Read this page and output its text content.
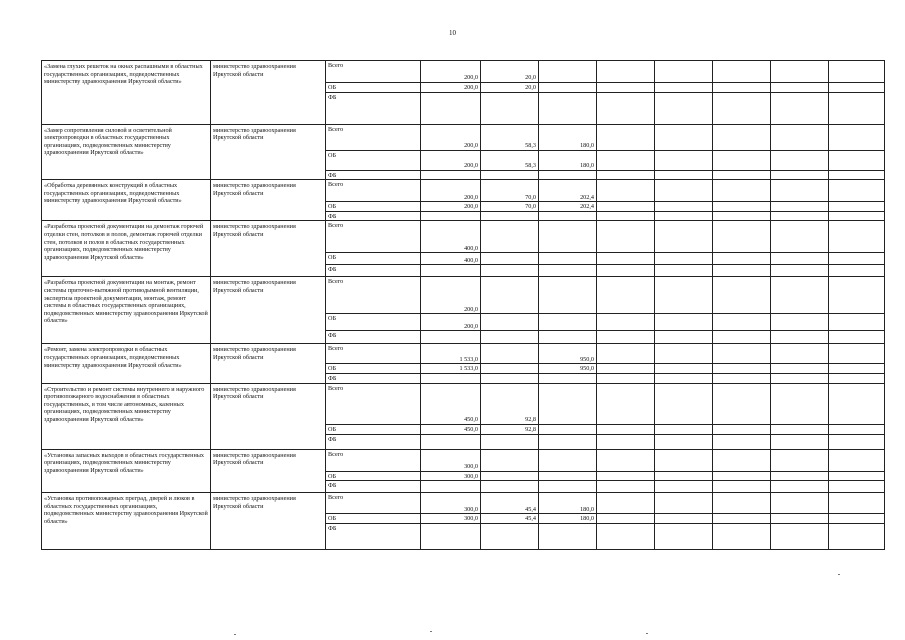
10
«Замена глухих решеток на окнах распашными в областных государственных организациях, подведомственных министерству здравоохранения Иркутской области»	министерство здравоохранения Иркутской области	Всего	200,0	20,0						
		ОБ	200,0	20,0						
		ФБ								
«Замер сопротивления силовой и осветительной электропроводки в областных государственных организациях, подведомственных министерству здравоохранения Иркутской области»	министерство здравоохранения Иркутской области	Всего	200,0	58,3	180,0					
		ОБ	200,0	58,3	180,0					
		ФБ								
«Обработка деревянных конструкций в областных государственных организациях, подведомственных министерству здравоохранения Иркутской области»	министерство здравоохранения Иркутской области	Всего	200,0	70,0	202,4					
		ОБ	200,0	70,0	202,4					
		ФБ								
«Разработка проектной документации на демонтаж горючей отделки стен, потолков и полов, демонтаж горючей отделки стен, потолков и полов в областных государственных организациях, подведомственных министерству здравоохранения Иркутской области»	министерство здравоохранения Иркутской области	Всего	400,0							
		ОБ	400,0							
		ФБ								
«Разработка проектной документации на монтаж, ремонт системы приточно-вытяжной противодымной вентиляции, экспертиза проектной документации, монтаж, ремонт системы в областных государственных организациях, подведомственных министерству здравоохранения Иркутской области»	министерство здравоохранения Иркутской области	Всего	200,0							
		ОБ	200,0							
		ФБ								
«Ремонт, замена электропроводки в областных государственных организациях, подведомственных министерству здравоохранения Иркутской области»	министерство здравоохранения Иркутской области	Всего	1 533,0		950,0					
		ОБ	1 533,0		950,0					
		ФБ								
«Строительство и ремонт системы внутреннего и наружного противопожарного водоснабжения в областных государственных, в том числе автономных, казенных организациях, подведомственных министерству здравоохранения Иркутской области»	министерство здравоохранения Иркутской области	Всего	450,0	92,8						
		ОБ	450,0	92,8						
		ФБ								
«Установка запасных выходов в областных государственных организациях, подведомственных министерству здравоохранения Иркутской области»	министерство здравоохранения Иркутской области	Всего	300,0							
		ОБ	300,0							
		ФБ								
«Установка противопожарных преград, дверей и люков в областных государственных организациях, подведомственных министерству здравоохранения Иркутской области»	министерство здравоохранения Иркутской области	Всего	300,0	45,4	180,0					
		ОБ	300,0	45,4	180,0					
		ФБ								
